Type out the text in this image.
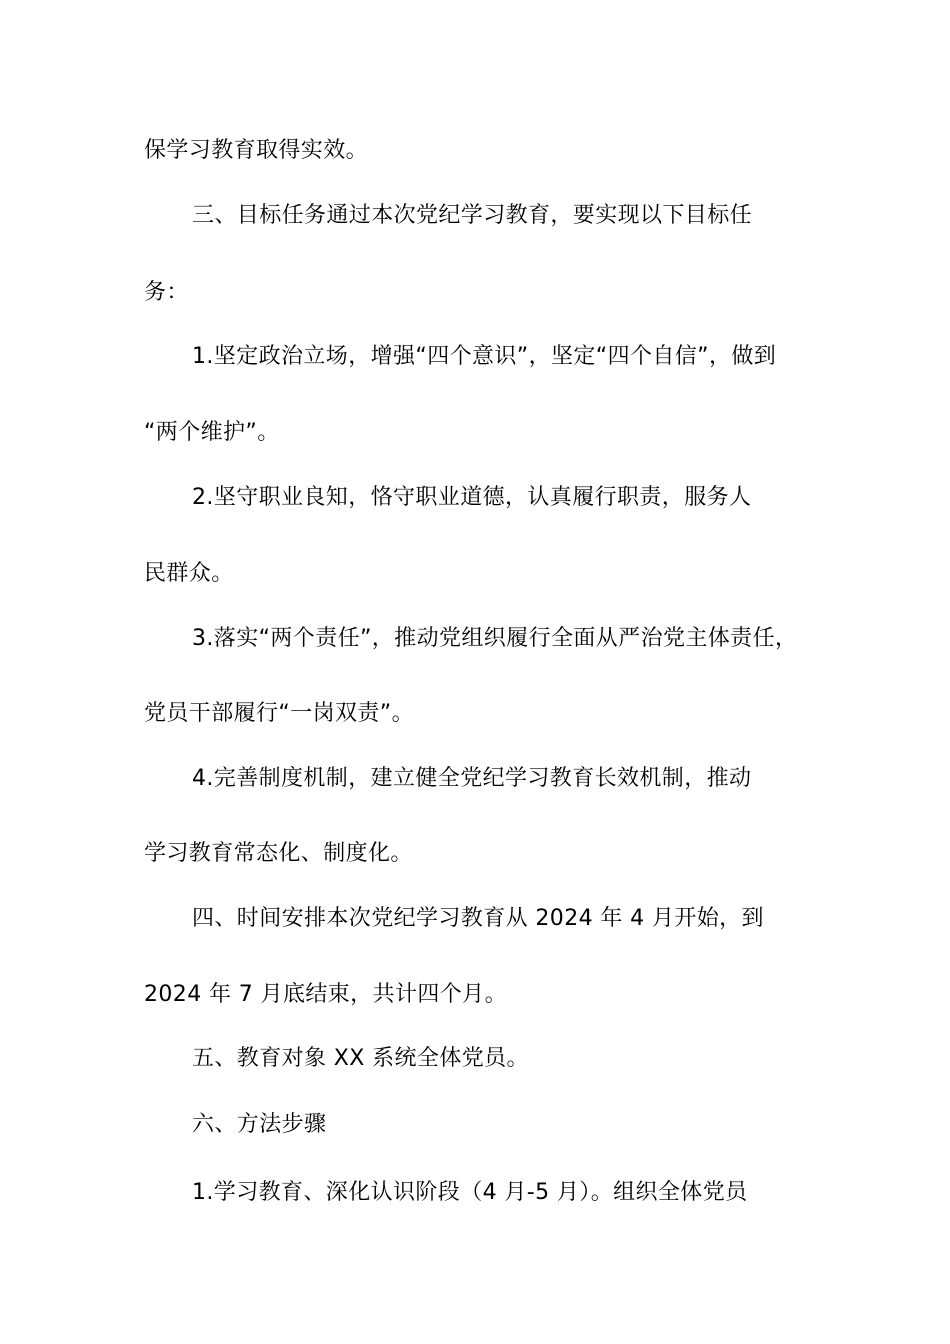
保学习教育取得实效。
三、目标任务通过本次党纪学习教育，要实现以下目标任
务：
1.坚定政治立场，增强“四个意识”，坚定“四个自信”，做到
“两个维护”。
2.坚守职业良知，恪守职业道德，认真履行职责，服务人
民群众。
3.落实“两个责任”，推动党组织履行全面从严治党主体责任，
党员干部履行“一岗双责”。
4.完善制度机制，建立健全党纪学习教育长效机制，推动
学习教育常态化、制度化。
四、时间安排本次党纪学习教育从 2024 年 4 月开始，到
2024 年 7 月底结束，共计四个月。
五、教育对象 XX 系统全体党员。
六、方法步骤
1.学习教育、深化认识阶段（4 月-5 月）。组织全体党员
